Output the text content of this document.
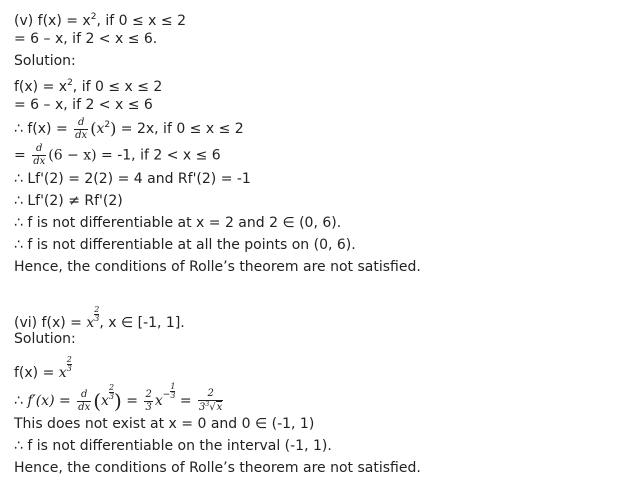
(v) $f(x) = x^2$, if 0 ≤ x ≤ 2
= 6 – x, if 2 < x ≤ 6.
Solution:
$f(x) = x^2$, if 0 ≤ x ≤ 2
= 6 – x, if 2 < x ≤ 6
∴ $f(x) = \frac{d}{dx} (x^2) = 2x$, if 0 ≤ x ≤ 2
= $\frac{d}{dx} (6 - x) = -1$, if 2 < x ≤ 6
∴ Lf'(2) = 2(2) = 4 and Rf'(2) = -1
∴ Lf'(2) ≠ Rf'(2)
∴ f is not differentiable at x = 2 and 2 ∈ (0, 6).
∴ f is not differentiable at all the points on (0, 6).
Hence, the conditions of Rolle’s theorem are not satisfied.
(vi) f(x) = x $\frac{2}{3}$ , x ∈ [-1, 1].
Solution:
f(x) = x $\frac{2}{3}$
∴ $f'(x) = \frac{d}{dx} (x \frac{2}{3}$ ) = $\frac{2}{3} x^- \frac{1}{3}$
= $\frac{2}{3^3√x}$
This does not exist at x = 0 and 0 ∈ (-1, 1)
∴ f is not differentiable on the interval (-1, 1).
Hence, the conditions of Rolle’s theorem are not satisfied.
